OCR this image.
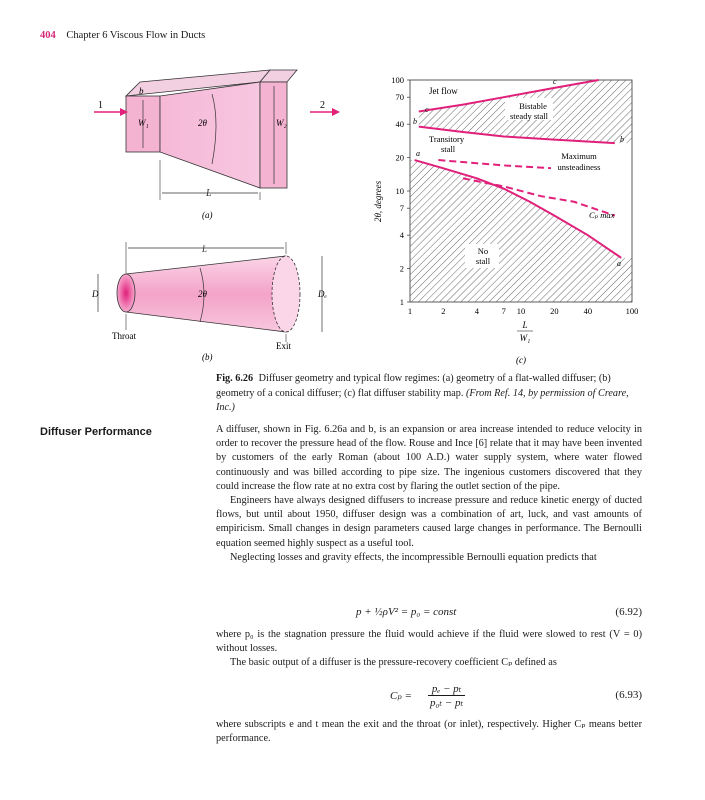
404 Chapter 6 Viscous Flow in Ducts
1	2
b
W₁	2θ	W₂
L
(a)
L
D	2θ	Dₑ
Throat
Exit
(b)
100
70
40
20
10
7
4
2
1
1	2	4	7 10	20	40	100
Jet flow
Bistable
steady stall
Transitory
stall
Maximum
unsteadiness
No
stall
Cₚ max
c
c
b
b
a
a
2θ, degrees
L
W₁
(c)
Fig. 6.26 Diffuser geometry and typical flow regimes: (a) geometry of a flat-walled diffuser; (b) geometry of a conical diffuser; (c) flat diffuser stability map. (From Ref. 14, by permission of Creare, Inc.)
Diffuser Performance	A diffuser, shown in Fig. 6.26a and b, is an expansion or area increase intended to reduce velocity in order to recover the pressure head of the flow. Rouse and Ince [6] relate that it may have been invented by customers of the early Roman (about 100 A.D.) water supply system, where water flowed continuously and was billed according to pipe size. The ingenious customers discovered that they could increase the flow rate at no extra cost by flaring the outlet section of the pipe.

Engineers have always designed diffusers to increase pressure and reduce kinetic energy of ducted flows, but until about 1950, diffuser design was a combination of art, luck, and vast amounts of empiricism. Small changes in design parameters caused large changes in performance. The Bernoulli equation seemed highly suspect as a useful tool.

Neglecting losses and gravity effects, the incompressible Bernoulli equation predicts that

p + ½ρV² = p₀ = const	(6.92)

where p₀ is the stagnation pressure the fluid would achieve if the fluid were slowed to rest (V = 0) without losses.

The basic output of a diffuser is the pressure-recovery coefficient Cₚ defined as

$C_p = \frac{\text{pₑ − pₜ}}{\text{p₀ₜ − pₜ}}$	(6.93)

where subscripts e and t mean the exit and the throat (or inlet), respectively. Higher Cₚ means better performance.
